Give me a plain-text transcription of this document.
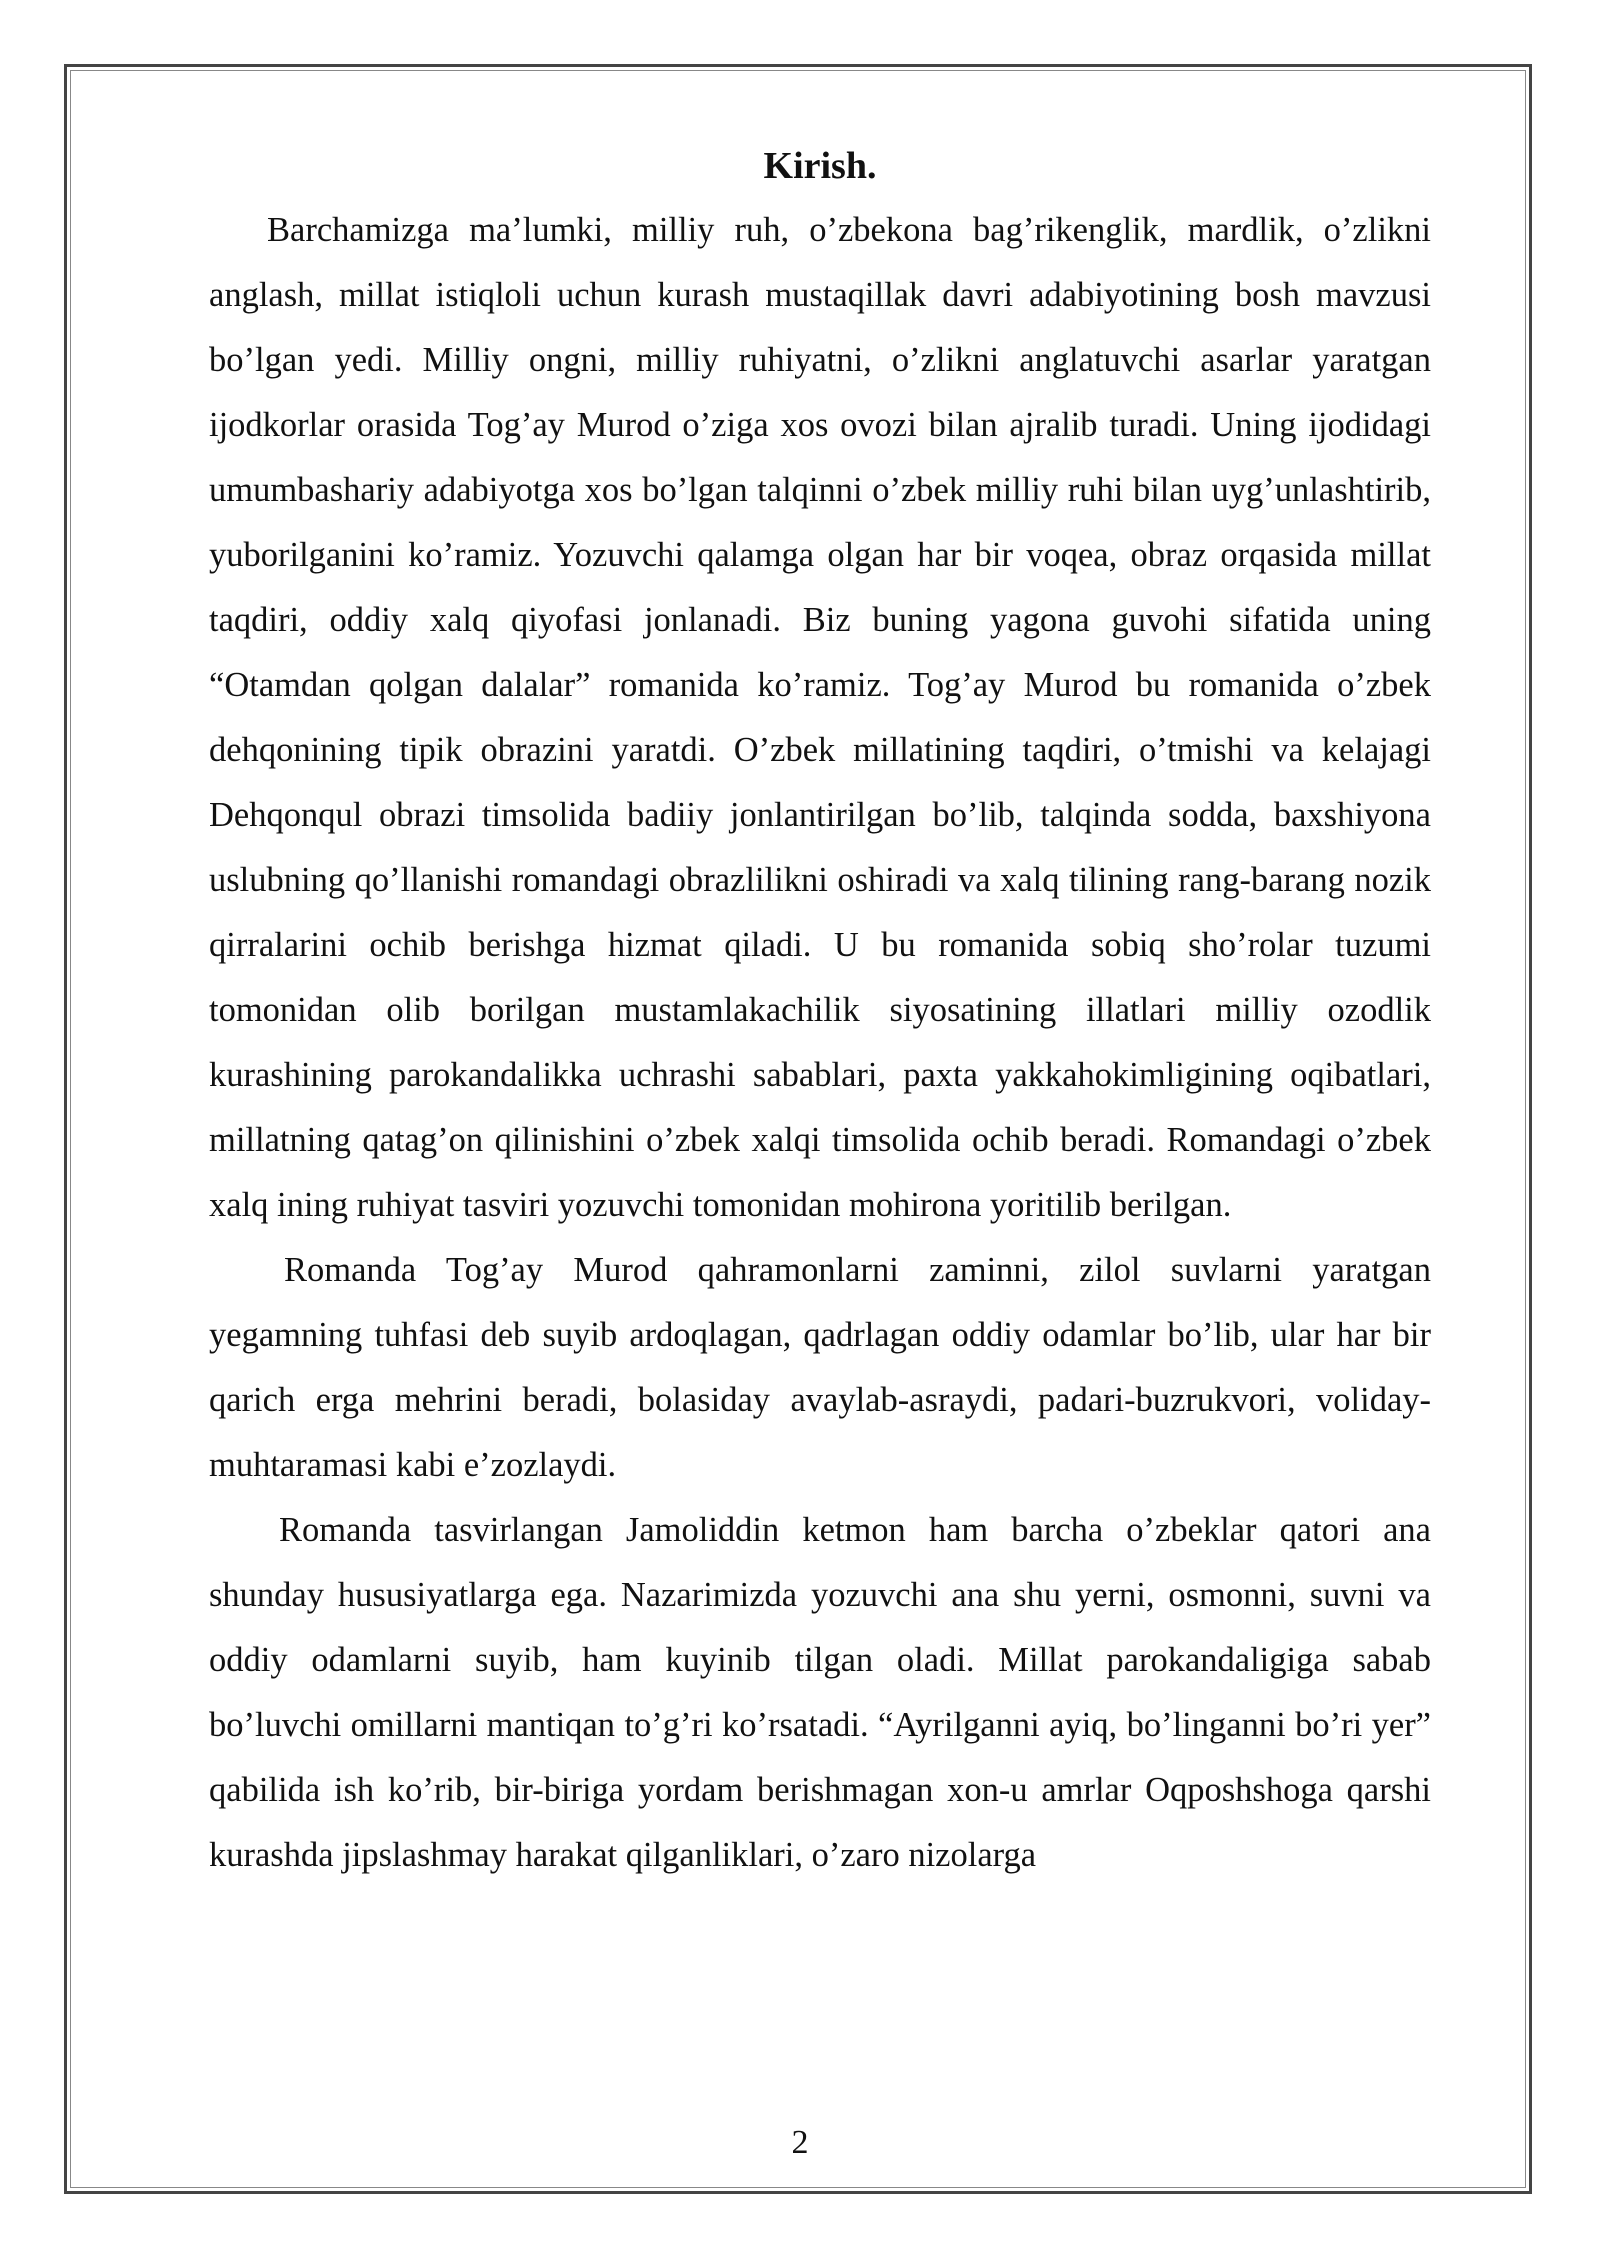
Kirish.

Barchamizga ma’lumki, milliy ruh, o’zbekona bag’rikenglik, mardlik, o’zlikni anglash, millat istiqloli uchun kurash mustaqillak davri adabiyotining bosh mavzusi bo’lgan yedi. Milliy ongni, milliy ruhiyatni, o’zlikni anglatuvchi asarlar yaratgan ijodkorlar orasida Tog’ay Murod o’ziga xos ovozi bilan ajralib turadi. Uning ijodidagi umumbashariy adabiyotga xos bo’lgan talqinni o’zbek milliy ruhi bilan uyg’unlashtirib, yuborilganini ko’ramiz. Yozuvchi qalamga olgan har bir voqea, obraz orqasida millat taqdiri, oddiy xalq qiyofasi jonlanadi. Biz buning yagona guvohi sifatida uning “Otamdan qolgan dalalar” romanida ko’ramiz. Tog’ay Murod bu romanida o’zbek dehqonining tipik obrazini yaratdi. O’zbek millatining taqdiri, o’tmishi va kelajagi Dehqonqul obrazi timsolida badiiy jonlantirilgan bo’lib, talqinda sodda, baxshiyona uslubning qo’llanishi romandagi obrazlilikni oshiradi va xalq tilining rang-barang nozik qirralarini ochib berishga hizmat qiladi. U bu romanida sobiq sho’rolar tuzumi tomonidan olib borilgan mustamlakachilik siyosatining illatlari milliy ozodlik kurashining parokandalikka uchrashi sabablari, paxta yakkahokimligining oqibatlari, millatning qatag’on qilinishini o’zbek xalqi timsolida ochib beradi. Romandagi o’zbek xalq ining ruhiyat tasviri yozuvchi tomonidan mohirona yoritilib berilgan.

Romanda Tog’ay Murod qahramonlarni zaminni, zilol suvlarni yaratgan yegamning tuhfasi deb suyib ardoqlagan, qadrlagan oddiy odamlar bo’lib, ular har bir qarich erga mehrini beradi, bolasiday avaylab-asraydi, padari-buzrukvori, voliday-muhtaramasi kabi e’zozlaydi.

Romanda tasvirlangan Jamoliddin ketmon ham barcha o’zbeklar qatori ana shunday hususiyatlarga ega. Nazarimizda yozuvchi ana shu yerni, osmonni, suvni va oddiy odamlarni suyib, ham kuyinib tilgan oladi. Millat parokandaligiga sabab bo’luvchi omillarni mantiqan to’g’ri ko’rsatadi. “Ayrilganni ayiq, bo’linganni bo’ri yer” qabilida ish ko’rib, bir-biriga yordam berishmagan xon-u amrlar Oqposhshoga qarshi kurashda jipslashmay harakat qilganliklari, o’zaro nizolarga

2
